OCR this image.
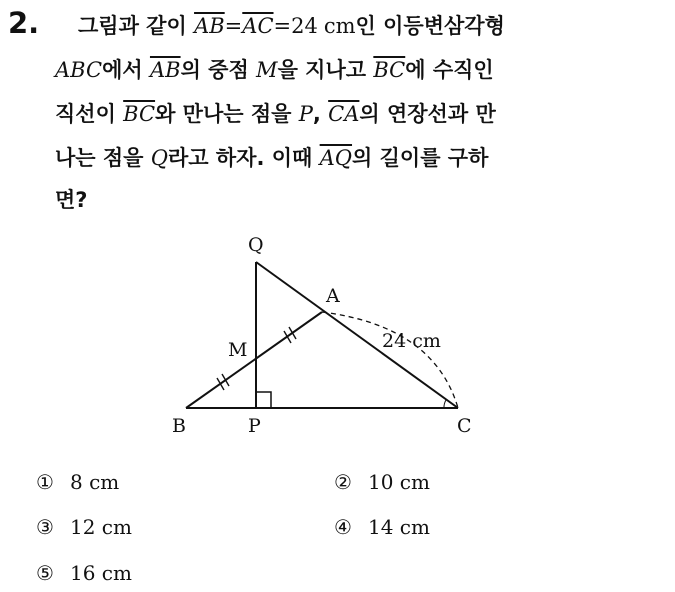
2. 그림과 같이 $\overline{AB}=\overline{AC}=24$ cm인 이등변삼각형
ABC에서 $\overline{AB}$의 중점 M을 지나고 $\overline{BC}$에 수직인
직선이 $\overline{BC}$와 만나는 점을 P, $\overline{CA}$의 연장선과 만
나는 점을 Q라고 하자. 이때 $\overline{AQ}$의 길이를 구하
면?
Q
A
M
B	P	C
24 cm
① 8 cm	② 10 cm
③ 12 cm	④ 14 cm
⑤ 16 cm
